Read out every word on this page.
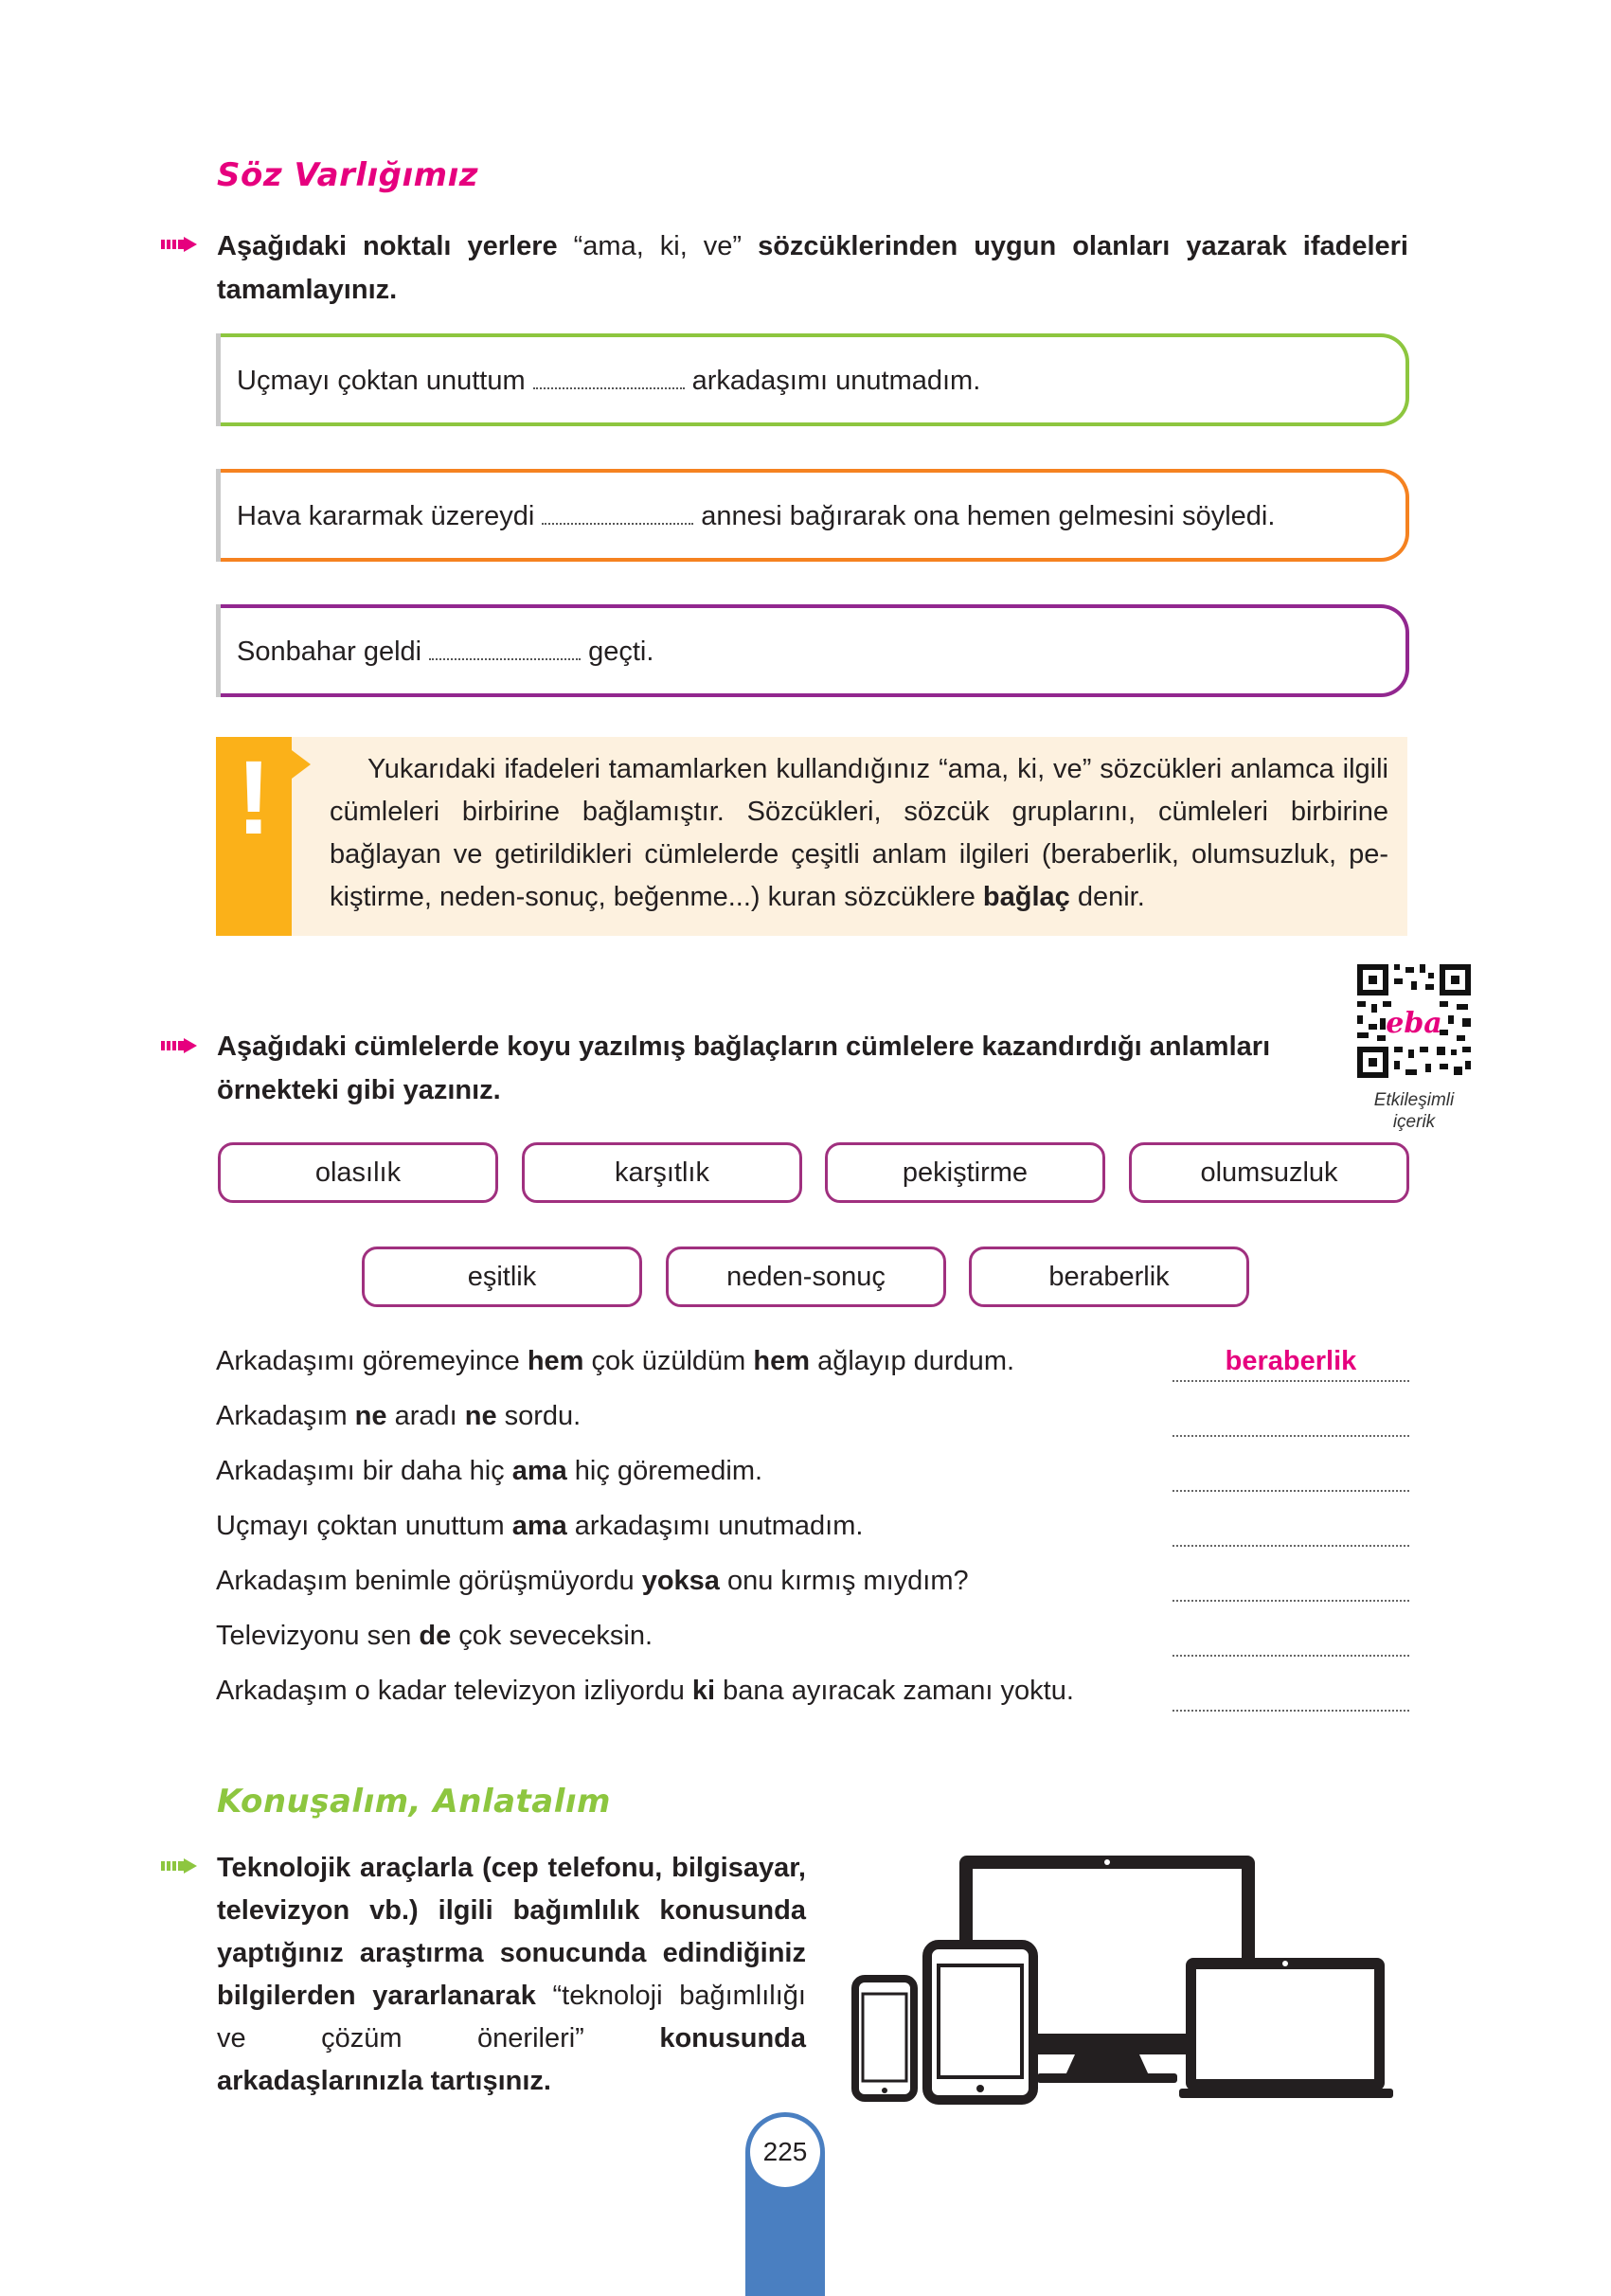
Söz Varlığımız
Aşağıdaki noktalı yerlere “ama, ki, ve” sözcüklerinden uygun olanları yazarak ifadeleri tamamlayınız.
Uçmayı çoktan unuttum	arkadaşımı unutmadım.
Hava kararmak üzereydi	annesi bağırarak ona hemen gelmesini söyledi.
Sonbahar geldi	geçti.
!	Yukarıdaki ifadeleri tamamlarken kullandığınız “ama, ki, ve” sözcükleri anlamca ilgili cümleleri birbirine bağlamıştır. Sözcükleri, sözcük gruplarını, cümleleri birbirine bağlayan ve getirildikleri cümlelerde çeşitli anlam ilgileri (beraberlik, olumsuzluk, pe-kiştirme, neden-sonuç, beğenme...) kuran sözcüklere bağlaç denir.
Aşağıdaki cümlelerde koyu yazılmış bağlaçların cümlelere kazandırdığı anlamları örnekteki gibi yazınız.
eba
Etkileşimli
içerik
olasılık	karşıtlık	pekiştirme	olumsuzluk
eşitlik	neden-sonuç	beraberlik
Arkadaşımı göremeyince hem çok üzüldüm hem ağlayıp durdum.	beraberlik
Arkadaşım ne aradı ne sordu.
Arkadaşımı bir daha hiç ama hiç göremedim.
Uçmayı çoktan unuttum ama arkadaşımı unutmadım.
Arkadaşım benimle görüşmüyordu yoksa onu kırmış mıydım?
Televizyonu sen de çok seveceksin.
Arkadaşım o kadar televizyon izliyordu ki bana ayıracak zamanı yoktu.
Konuşalım, Anlatalım
Teknolojik araçlarla (cep telefonu, bilgisayar, televizyon vb.) ilgili bağımlılık konusunda yaptığınız araştırma sonucunda edindiğiniz bilgilerden yararlanarak “teknoloji bağımlılığı ve çözüm önerileri” konusunda arkadaşlarınızla tartışınız.
225
